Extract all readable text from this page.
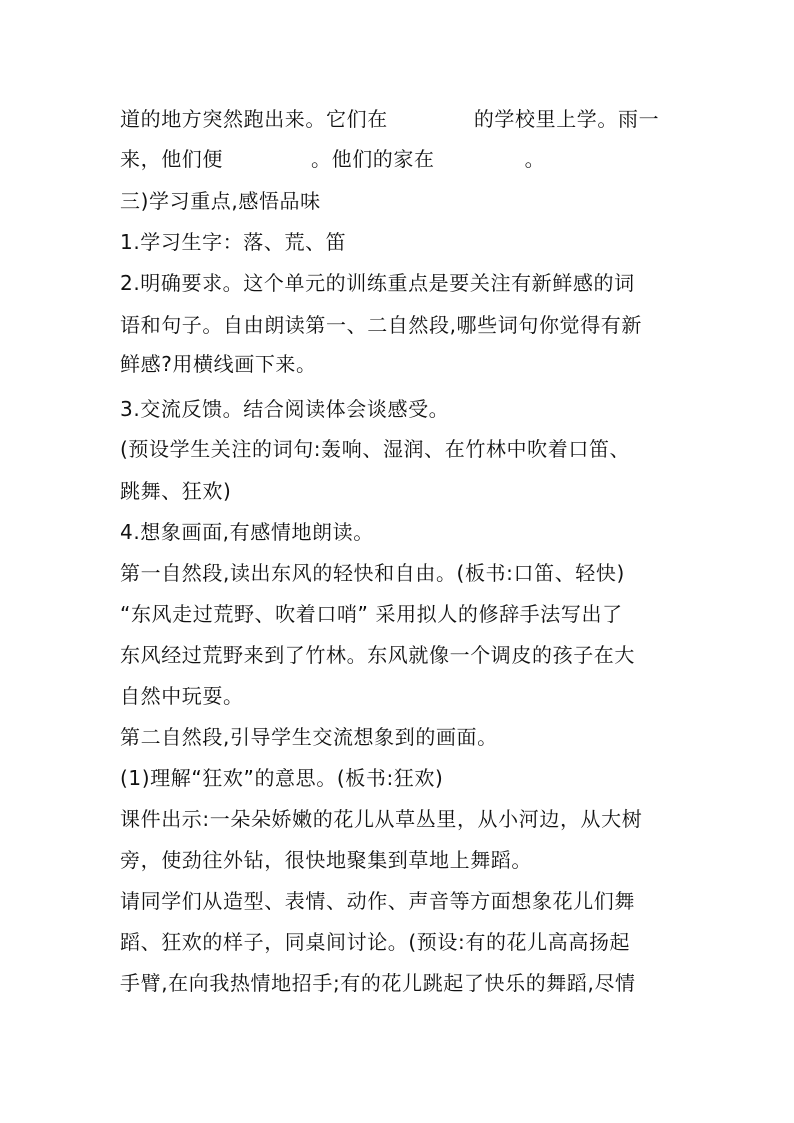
道的地方突然跑出来。它们在	的学校里上学。雨一
来，他们便	。他们的家在	。
三)学习重点,感悟品味
1.学习生字：落、荒、笛
2.明确要求。这个单元的训练重点是要关注有新鲜感的词
语和句子。自由朗读第一、二自然段,哪些词句你觉得有新
鲜感?用横线画下来。
3.交流反馈。结合阅读体会谈感受。
(预设学生关注的词句:轰响、湿润、在竹林中吹着口笛、
跳舞、狂欢)
4.想象画面,有感情地朗读。
第一自然段,读出东风的轻快和自由。(板书:口笛、轻快)
“东风走过荒野、吹着口哨” 采用拟人的修辞手法写出了
东风经过荒野来到了竹林。东风就像一个调皮的孩子在大
自然中玩耍。
第二自然段,引导学生交流想象到的画面。
(1)理解“狂欢”的意思。(板书:狂欢)
课件出示:一朵朵娇嫩的花儿从草丛里，从小河边，从大树
旁，使劲往外钻，很快地聚集到草地上舞蹈。
请同学们从造型、表情、动作、声音等方面想象花儿们舞
蹈、狂欢的样子，同桌间讨论。(预设:有的花儿高高扬起
手臂,在向我热情地招手;有的花儿跳起了快乐的舞蹈,尽情
